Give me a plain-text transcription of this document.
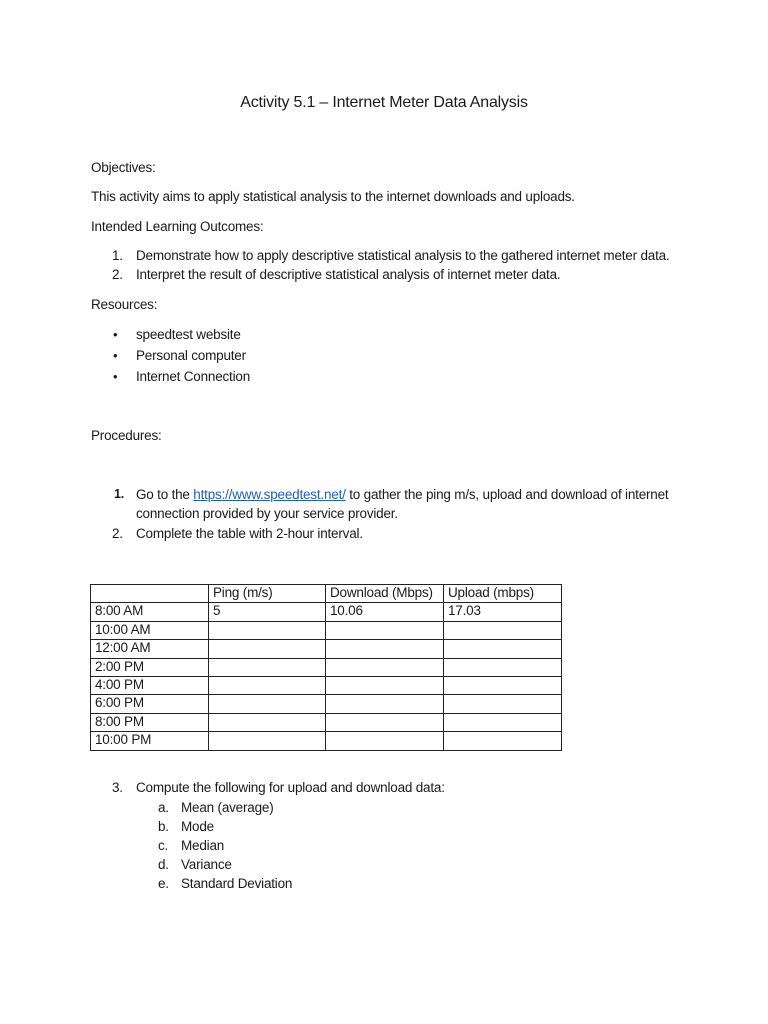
Activity 5.1 – Internet Meter Data Analysis
Objectives:
This activity aims to apply statistical analysis to the internet downloads and uploads.
Intended Learning Outcomes:
1. Demonstrate how to apply descriptive statistical analysis to the gathered internet meter data.
2. Interpret the result of descriptive statistical analysis of internet meter data.
Resources:
• speedtest website
• Personal computer
• Internet Connection
Procedures:
1. Go to the https://www.speedtest.net/ to gather the ping m/s, upload and download of internet
connection provided by your service provider.
2. Complete the table with 2-hour interval.
	Ping (m/s)	Download (Mbps)	Upload (mbps)
8:00 AM	5	10.06	17.03
10:00 AM			
12:00 AM			
2:00 PM			
4:00 PM			
6:00 PM			
8:00 PM			
10:00 PM			
3. Compute the following for upload and download data:
a. Mean (average)
b. Mode
c. Median
d. Variance
e. Standard Deviation
